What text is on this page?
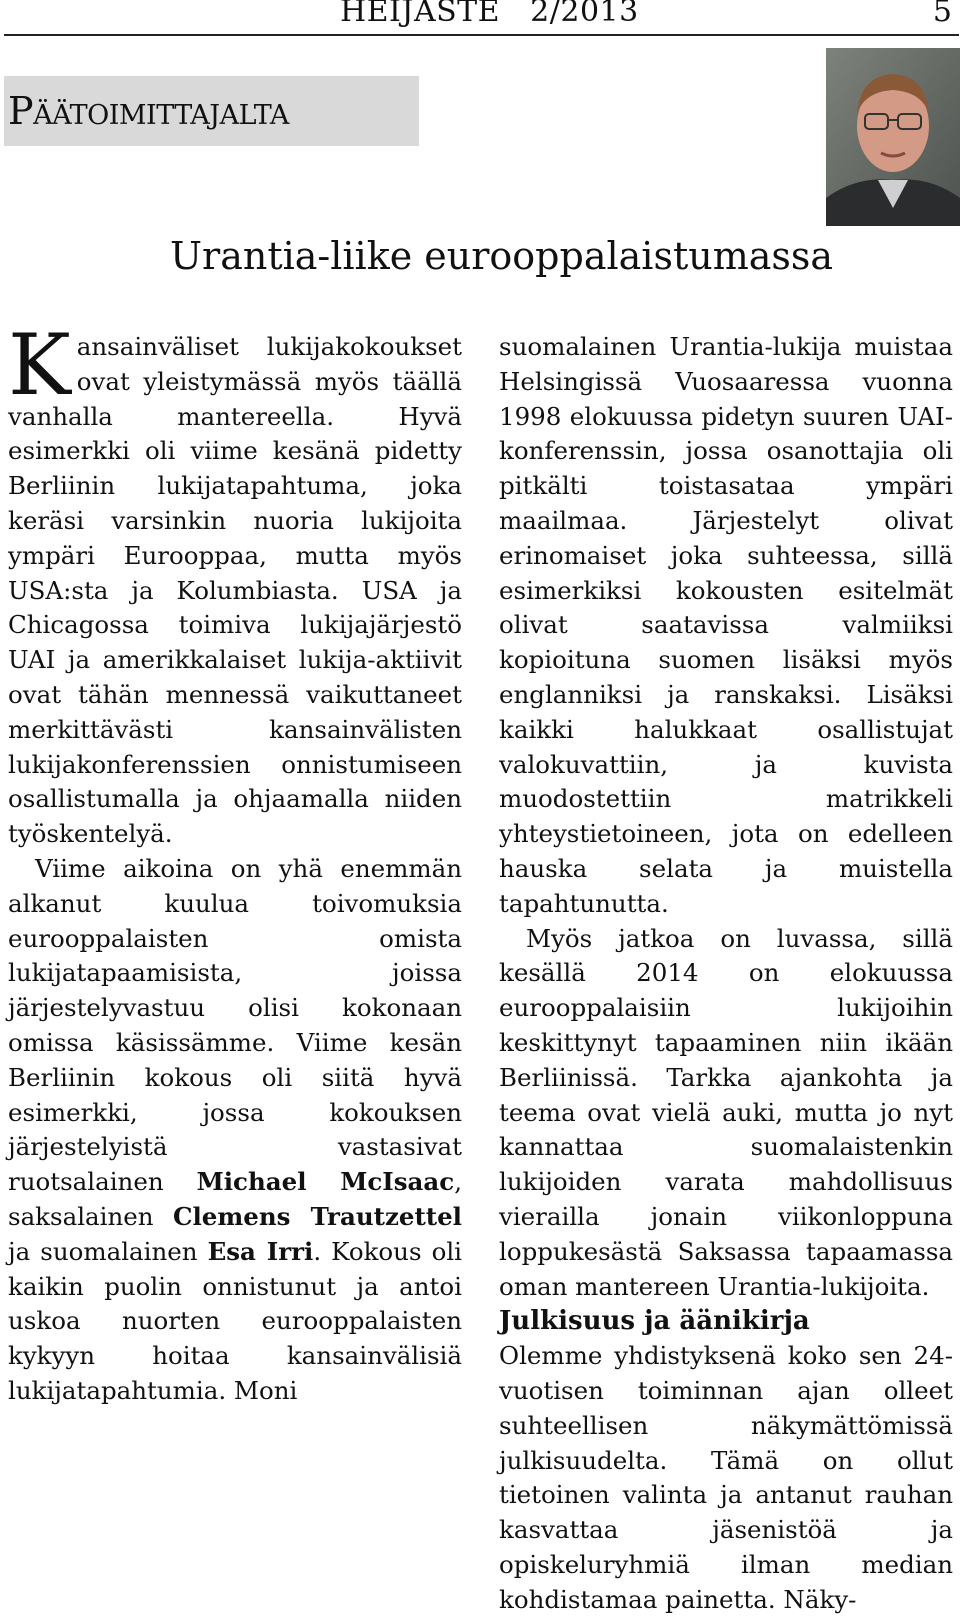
HEIJASTE   2/2013	5
Päätoimittajalta
Urantia-liike eurooppalaistumassa

Kansainväliset lukijakokoukset ovat yleistymässä myös täällä vanhalla mantereella. Hyvä esimerkki oli viime kesänä pidetty Berliinin lukijatapahtuma, joka keräsi varsinkin nuoria lukijoita ympäri Eurooppaa, mutta myös USA:sta ja Kolumbiasta. USA ja Chicagossa toimiva lukijajärjestö UAI ja amerikkalaiset lukija-aktiivit ovat tähän mennessä vaikuttaneet merkittävästi kansainvälisten lukijakonferenssien onnistumiseen osallistumalla ja ohjaamalla niiden työskentelyä.

Viime aikoina on yhä enemmän alkanut kuulua toivomuksia eurooppalaisten omista lukijatapaamisista, joissa järjestelyvastuu olisi kokonaan omissa käsissämme. Viime kesän Berliinin kokous oli siitä hyvä esimerkki, jossa kokouksen järjestelyistä vastasivat ruotsalainen Michael McIsaac, saksalainen Clemens Trautzettel ja suomalainen Esa Irri. Kokous oli kaikin puolin onnistunut ja antoi uskoa nuorten eurooppalaisten kykyyn hoitaa kansainvälisiä lukijatapahtumia. Moni

suomalainen Urantia-lukija muistaa Helsingissä Vuosaaressa vuonna 1998 elokuussa pidetyn suuren UAI-konferenssin, jossa osanottajia oli pitkälti toistasataa ympäri maailmaa. Järjestelyt olivat erinomaiset joka suhteessa, sillä esimerkiksi kokousten esitelmät olivat saatavissa valmiiksi kopioituna suomen lisäksi myös englanniksi ja ranskaksi. Lisäksi kaikki halukkaat osallistujat valokuvattiin, ja kuvista muodostettiin matrikkeli yhteystietoineen, jota on edelleen hauska selata ja muistella tapahtunutta.

Myös jatkoa on luvassa, sillä kesällä 2014 on elokuussa eurooppalaisiin lukijoihin keskittynyt tapaaminen niin ikään Berliinissä. Tarkka ajankohta ja teema ovat vielä auki, mutta jo nyt kannattaa suomalaistenkin lukijoiden varata mahdollisuus vierailla jonain viikonloppuna loppukesästä Saksassa tapaamassa oman mantereen Urantia-lukijoita.

Julkisuus ja äänikirja

Olemme yhdistyksenä koko sen 24-vuotisen toiminnan ajan olleet suhteellisen näkymättömissä julkisuudelta. Tämä on ollut tietoinen valinta ja antanut rauhan kasvattaa jäsenistöä ja opiskeluryhmiä ilman median kohdistamaa painetta. Näky-
